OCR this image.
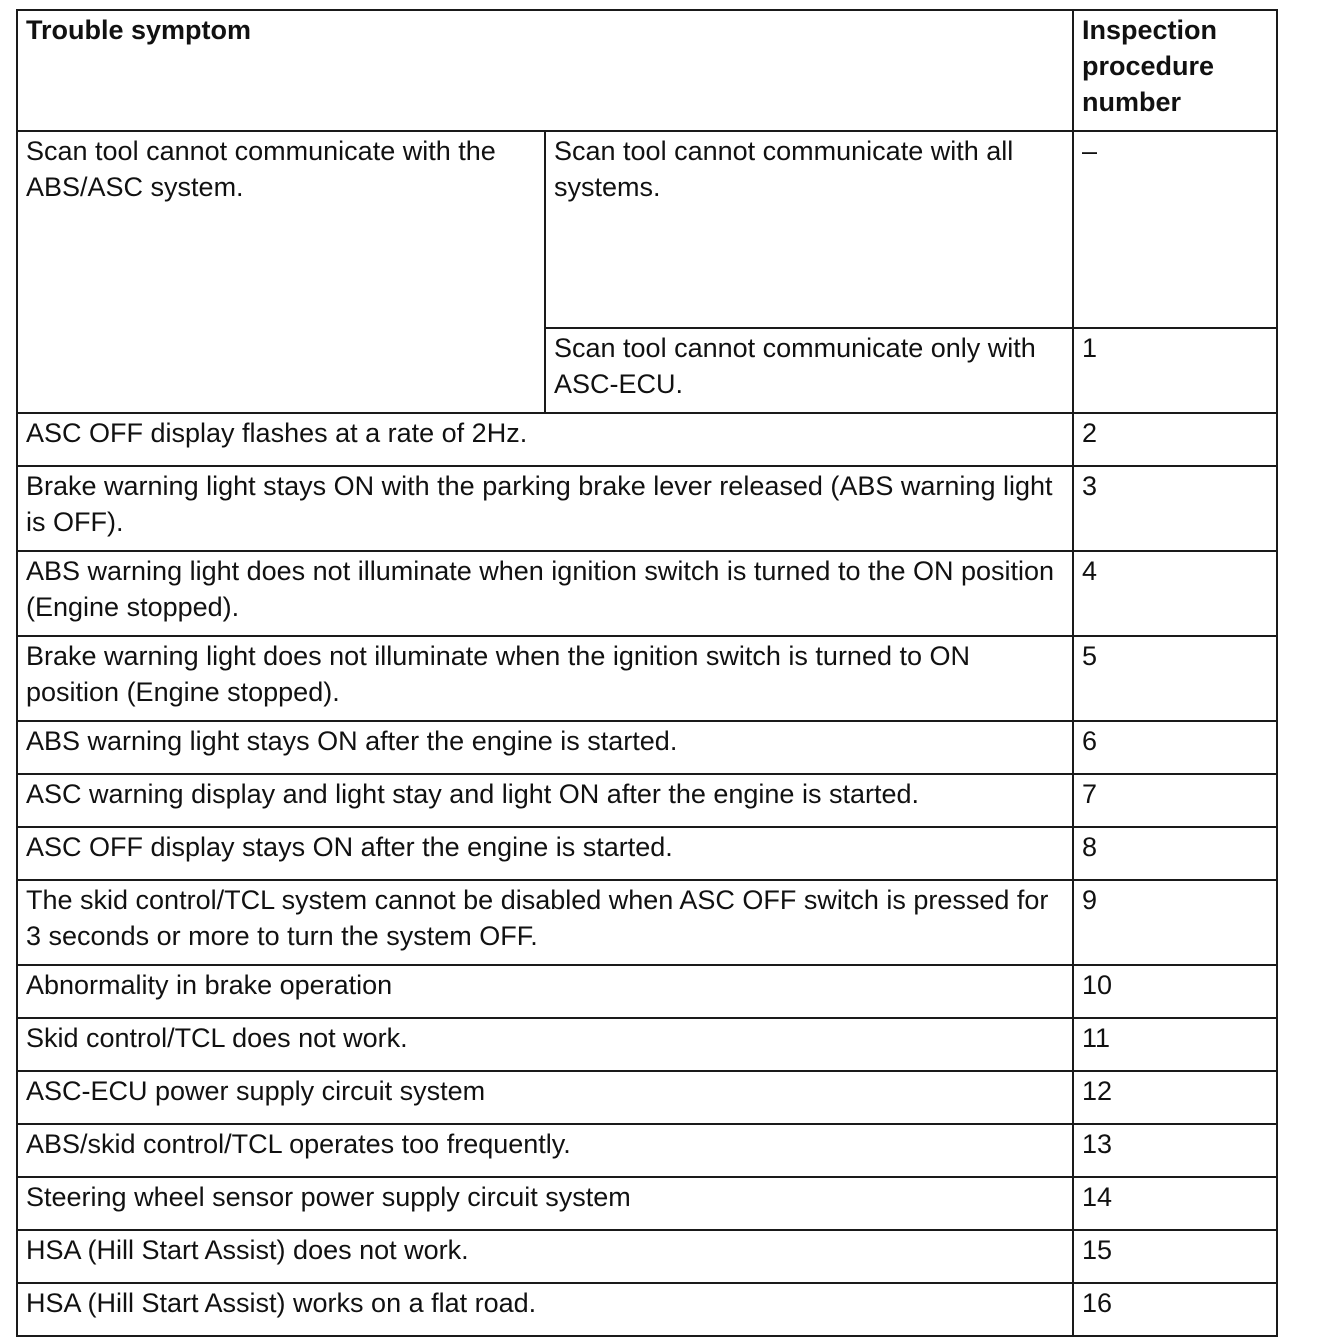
Trouble symptom		Inspection procedure number
Scan tool cannot communicate with the ABS/ASC system.	Scan tool cannot communicate with all systems.	–
	Scan tool cannot communicate only with ASC-ECU.	1
ASC OFF display flashes at a rate of 2Hz.		2
Brake warning light stays ON with the parking brake lever released (ABS warning light is OFF).		3
ABS warning light does not illuminate when ignition switch is turned to the ON position (Engine stopped).		4
Brake warning light does not illuminate when the ignition switch is turned to ON position (Engine stopped).		5
ABS warning light stays ON after the engine is started.		6
ASC warning display and light stay and light ON after the engine is started.		7
ASC OFF display stays ON after the engine is started.		8
The skid control/TCL system cannot be disabled when ASC OFF switch is pressed for 3 seconds or more to turn the system OFF.		9
Abnormality in brake operation		10
Skid control/TCL does not work.		11
ASC-ECU power supply circuit system		12
ABS/skid control/TCL operates too frequently.		13
Steering wheel sensor power supply circuit system		14
HSA (Hill Start Assist) does not work.		15
HSA (Hill Start Assist) works on a flat road.		16
